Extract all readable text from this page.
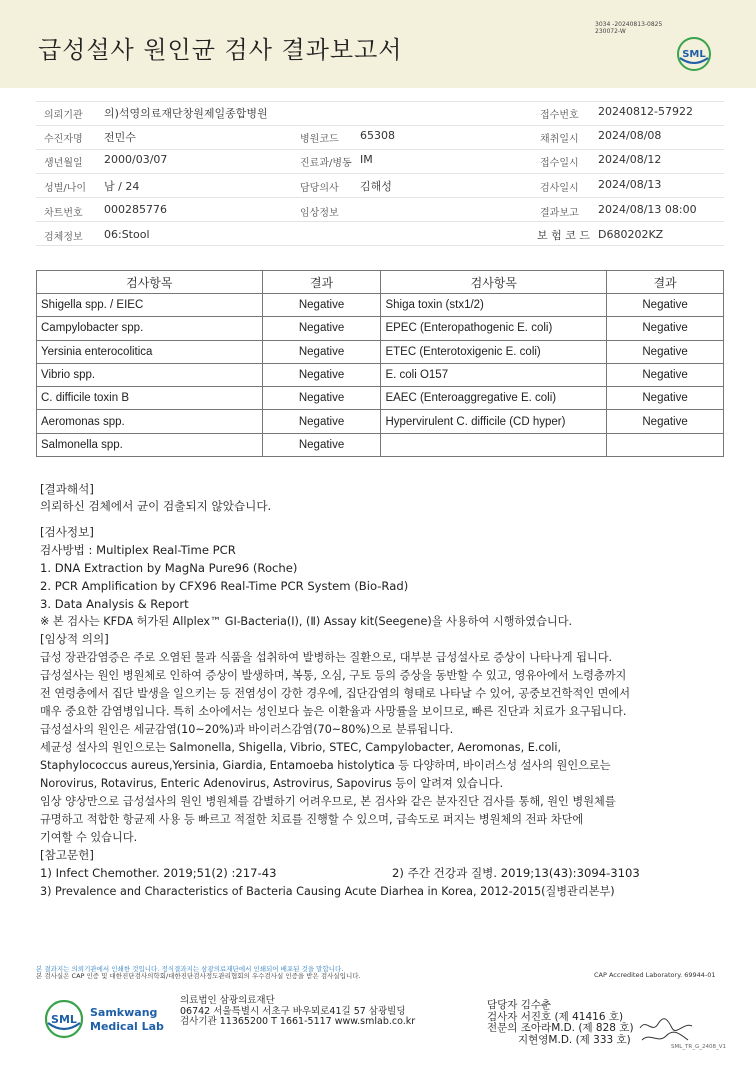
급성설사 원인균 검사 결과보고서
3034 -20240813-0825
230072-W
SML
의뢰기관 의)석영의료재단창원제일종합병원	접수번호 20240812-57922
수진자명 전민수	병원코드 65308	채취일시 2024/08/08
생년월일 2000/03/07	진료과/병동 IM	접수일시 2024/08/12
성별/나이 남 / 24	담당의사 김해성	검사일시 2024/08/13
차트번호 000285776	임상정보	결과보고 2024/08/13 08:00
검체정보 06:Stool	보 험 코 드 D680202KZ
검사항목	결과	검사항목	결과
Shigella spp. / EIEC	Negative	Shiga toxin (stx1/2)	Negative
Campylobacter spp.	Negative	EPEC (Enteropathogenic E. coli)	Negative
Yersinia enterocolitica	Negative	ETEC (Enterotoxigenic E. coli)	Negative
Vibrio spp.	Negative	E. coli O157	Negative
C. difficile toxin B	Negative	EAEC (Enteroaggregative E. coli)	Negative
Aeromonas spp.	Negative	Hypervirulent C. difficile (CD hyper)	Negative
Salmonella spp.	Negative		
[결과해석]
의뢰하신 검체에서 균이 검출되지 않았습니다.
[검사정보]
검사방법 : Multiplex Real-Time PCR
1. DNA Extraction by MagNa Pure96 (Roche)
2. PCR Amplification by CFX96 Real-Time PCR System (Bio-Rad)
3. Data Analysis & Report
※ 본 검사는 KFDA 허가된 Allplex™ GI-Bacteria(Ⅰ), (Ⅱ) Assay kit(Seegene)을 사용하여 시행하였습니다.
[임상적 의의]
급성 장관감염증은 주로 오염된 물과 식품을 섭취하여 발병하는 질환으로, 대부분 급성설사로 증상이 나타나게 됩니다.
급성설사는 원인 병원체로 인하여 증상이 발생하며, 복통, 오심, 구토 등의 증상을 동반할 수 있고, 영유아에서 노령층까지
전 연령층에서 집단 발생을 일으키는 등 전염성이 강한 경우에, 집단감염의 형태로 나타날 수 있어, 공중보건학적인 면에서
매우 중요한 감염병입니다. 특히 소아에서는 성인보다 높은 이환율과 사망률을 보이므로, 빠른 진단과 치료가 요구됩니다.
급성설사의 원인은 세균감염(10~20%)과 바이러스감염(70~80%)으로 분류됩니다.
세균성 설사의 원인으로는 Salmonella, Shigella, Vibrio, STEC, Campylobacter, Aeromonas, E.coli,
Staphylococcus aureus,Yersinia, Giardia, Entamoeba histolytica 등 다양하며, 바이러스성 설사의 원인으로는
Norovirus, Rotavirus, Enteric Adenovirus, Astrovirus, Sapovirus 등이 알려져 있습니다.
임상 양상만으로 급성설사의 원인 병원체를 감별하기 어려우므로, 본 검사와 같은 분자진단 검사를 통해, 원인 병원체를
규명하고 적합한 항균제 사용 등 빠르고 적절한 치료를 진행할 수 있으며, 급속도로 퍼지는 병원체의 전파 차단에
기여할 수 있습니다.
[참고문헌]
1) Infect Chemother. 2019;51(2) :217-43	2) 주간 건강과 질병. 2019;13(43):3094-3103
3) Prevalence and Characteristics of Bacteria Causing Acute Diarhea in Korea, 2012-2015(질병관리본부)
본 결과지는 의뢰기관에서 인쇄한 것입니다. 정식결과지는 삼광의료재단에서 인쇄되어 배포된 것을 말합니다.
본 검사실은 CAP 인증 및 대한진단검사의학회/대한진단검사정도관리협회의 우수검사실 인증을 받은 검사실입니다.	CAP Accredited Laboratory. 69944-01
SML
Samkwang
Medical Lab
의료법인 삼광의료재단
06742 서울특별시 서초구 바우뫼로41길 57 삼광빌딩
검사기관 11365200 T 1661-5117 www.smlab.co.kr
담당자 김수춘
검사자 서진호 (제 41416 호)
전문의 조아라M.D. (제 828 호)
지현영M.D. (제 333 호)
SML_TR_G_2408_V1
